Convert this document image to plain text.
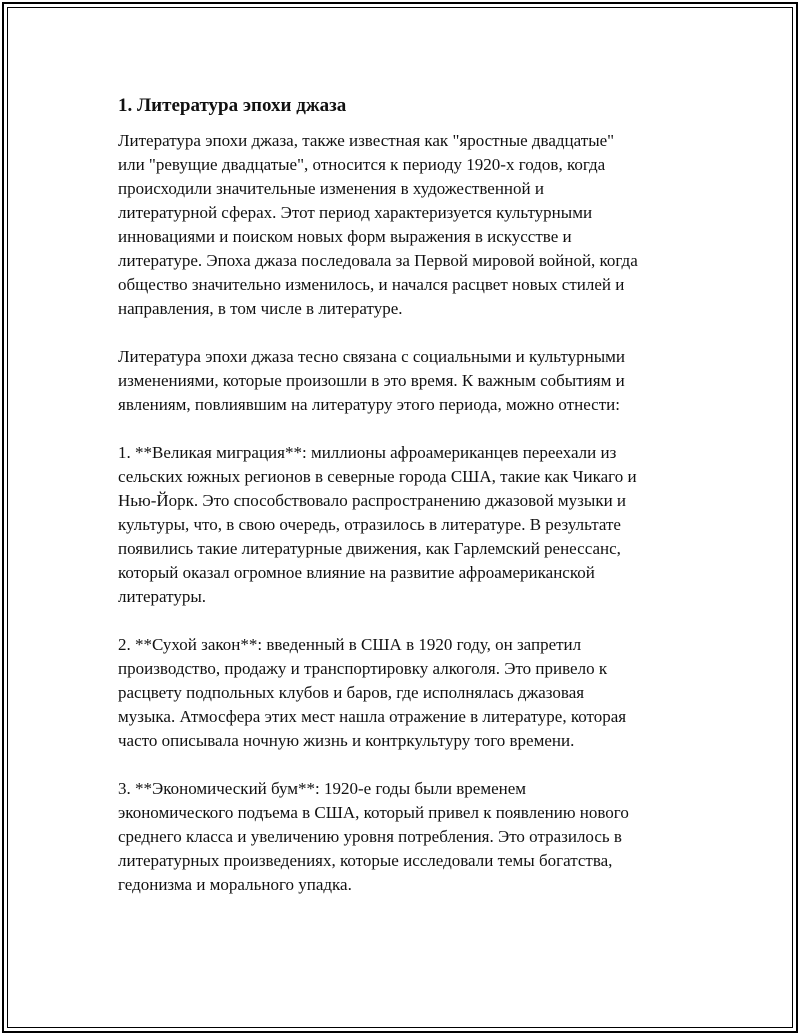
1. Литература эпохи джаза

Литература эпохи джаза, также известная как "яростные двадцатые"
или "ревущие двадцатые", относится к периоду 1920-х годов, когда
происходили значительные изменения в художественной и
литературной сферах. Этот период характеризуется культурными
инновациями и поиском новых форм выражения в искусстве и
литературе. Эпоха джаза последовала за Первой мировой войной, когда
общество значительно изменилось, и начался расцвет новых стилей и
направления, в том числе в литературе.

Литература эпохи джаза тесно связана с социальными и культурными
изменениями, которые произошли в это время. К важным событиям и
явлениям, повлиявшим на литературу этого периода, можно отнести:

1. **Великая миграция**: миллионы афроамериканцев переехали из
сельских южных регионов в северные города США, такие как Чикаго и
Нью-Йорк. Это способствовало распространению джазовой музыки и
культуры, что, в свою очередь, отразилось в литературе. В результате
появились такие литературные движения, как Гарлемский ренессанс,
который оказал огромное влияние на развитие афроамериканской
литературы.

2. **Сухой закон**: введенный в США в 1920 году, он запретил
производство, продажу и транспортировку алкоголя. Это привело к
расцвету подпольных клубов и баров, где исполнялась джазовая
музыка. Атмосфера этих мест нашла отражение в литературе, которая
часто описывала ночную жизнь и контркультуру того времени.

3. **Экономический бум**: 1920-е годы были временем
экономического подъема в США, который привел к появлению нового
среднего класса и увеличению уровня потребления. Это отразилось в
литературных произведениях, которые исследовали темы богатства,
гедонизма и морального упадка.
